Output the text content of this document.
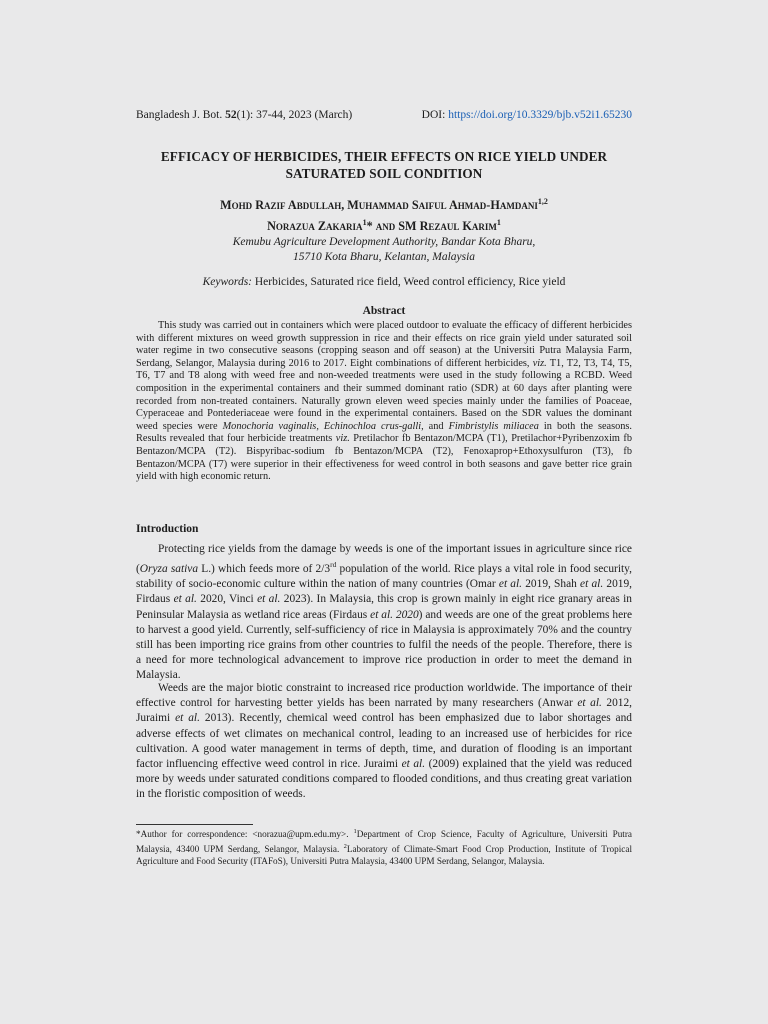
Bangladesh J. Bot. 52(1): 37-44, 2023 (March)	DOI: https://doi.org/10.3329/bjb.v52i1.65230
EFFICACY OF HERBICIDES, THEIR EFFECTS ON RICE YIELD UNDER
SATURATED SOIL CONDITION
Mohd Razif Abdullah, Muhammad Saiful Ahmad-Hamdani$^{1,2}$
Norazua Zakaria$^1$* and SM Rezaul Karim$^1$
Kemubu Agriculture Development Authority, Bandar Kota Bharu,
15710 Kota Bharu, Kelantan, Malaysia
Keywords: Herbicides, Saturated rice field, Weed control efficiency, Rice yield
Abstract
This study was carried out in containers which were placed outdoor to evaluate the efficacy of different herbicides with different mixtures on weed growth suppression in rice and their effects on rice grain yield under saturated soil water regime in two consecutive seasons (cropping season and off season) at the Universiti Putra Malaysia Farm, Serdang, Selangor, Malaysia during 2016 to 2017. Eight combinations of different herbicides, viz. T1, T2, T3, T4, T5, T6, T7 and T8 along with weed free and non-weeded treatments were used in the study following a RCBD. Weed composition in the experimental containers and their summed dominant ratio (SDR) at 60 days after planting were recorded from non-treated containers. Naturally grown eleven weed species mainly under the families of Poaceae, Cyperaceae and Pontederiaceae were found in the experimental containers. Based on the SDR values the dominant weed species were Monochoria vaginalis, Echinochloa crus-galli, and Fimbristylis miliacea in both the seasons. Results revealed that four herbicide treatments viz. Pretilachor fb Bentazon/MCPA (T1), Pretilachor+Pyribenzoxim fb Bentazon/MCPA (T2). Bispyribac-sodium fb Bentazon/MCPA (T2), Fenoxaprop+Ethoxysulfuron (T3), fb Bentazon/MCPA (T7) were superior in their effectiveness for weed control in both seasons and gave better rice grain yield with high economic return.
Introduction
Protecting rice yields from the damage by weeds is one of the important issues in agriculture since rice (Oryza sativa L.) which feeds more of 2/3rd population of the world. Rice plays a vital role in food security, stability of socio-economic culture within the nation of many countries (Omar et al. 2019, Shah et al. 2019, Firdaus et al. 2020, Vinci et al. 2023). In Malaysia, this crop is grown mainly in eight rice granary areas in Peninsular Malaysia as wetland rice areas (Firdaus et al. 2020) and weeds are one of the great problems here to harvest a good yield. Currently, self-sufficiency of rice in Malaysia is approximately 70% and the country still has been importing rice grains from other countries to fulfil the needs of the people. Therefore, there is a need for more technological advancement to improve rice production in order to meet the demand in Malaysia.
Weeds are the major biotic constraint to increased rice production worldwide. The importance of their effective control for harvesting better yields has been narrated by many researchers (Anwar et al. 2012, Juraimi et al. 2013). Recently, chemical weed control has been emphasized due to labor shortages and adverse effects of wet climates on mechanical control, leading to an increased use of herbicides for rice cultivation. A good water management in terms of depth, time, and duration of flooding is an important factor influencing effective weed control in rice. Juraimi et al. (2009) explained that the yield was reduced more by weeds under saturated conditions compared to flooded conditions, and thus creating great variation in the floristic composition of weeds.
*Author for correspondence: <norazua@upm.edu.my>. $^1$Department of Crop Science, Faculty of Agriculture, Universiti Putra Malaysia, 43400 UPM Serdang, Selangor, Malaysia. $^2$Laboratory of Climate-Smart Food Crop Production, Institute of Tropical Agriculture and Food Security (ITAFoS), Universiti Putra Malaysia, 43400 UPM Serdang, Selangor, Malaysia.
